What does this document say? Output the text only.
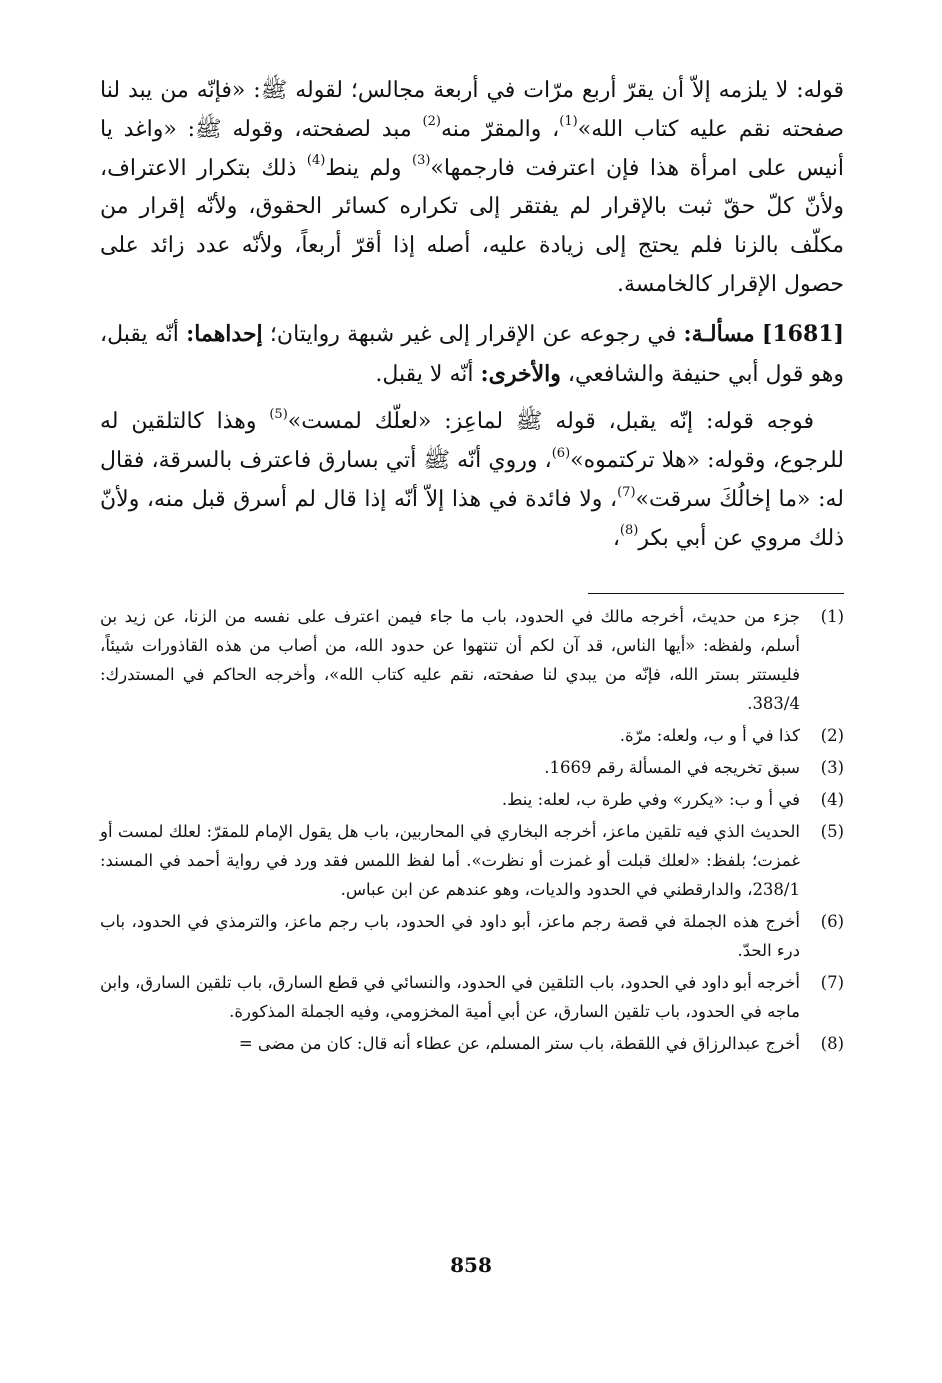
قوله: لا يلزمه إلاّ أن يقرّ أربع مرّات في أربعة مجالس؛ لقوله ﷺ: «فإنّه من يبد لنا صفحته نقم عليه كتاب الله»$^{(1)}$، والمقرّ منه$^{(2)}$ مبد لصفحته، وقوله ﷺ: «واغد يا أنيس على امرأة هذا فإن اعترفت فارجمها»$^{(3)}$ ولم ينط$^{(4)}$ ذلك بتكرار الاعتراف، ولأنّ كلّ حقّ ثبت بالإقرار لم يفتقر إلى تكراره كسائر الحقوق، ولأنّه إقرار من مكلّف بالزنا فلم يحتج إلى زيادة عليه، أصله إذا أقرّ أربعاً، ولأنّه عدد زائد على حصول الإقرار كالخامسة.

[1681] مسألـة: في رجوعه عن الإقرار إلى غير شبهة روايتان؛ إحداهما: أنّه يقبل، وهو قول أبي حنيفة والشافعي، والأخرى: أنّه لا يقبل.

فوجه قوله: إنّه يقبل، قوله ﷺ لماعِز: «لعلّك لمست»$^{(5)}$ وهذا كالتلقين له للرجوع، وقوله: «هلا تركتموه»$^{(6)}$، وروي أنّه ﷺ أتي بسارق فاعترف بالسرقة، فقال له: «ما إخالُكَ سرقت»$^{(7)}$، ولا فائدة في هذا إلاّ أنّه إذا قال لم أسرق قبل منه، ولأنّ ذلك مروي عن أبي بكر$^{(8)}$،

(1)
جزء من حديث، أخرجه مالك في الحدود، باب ما جاء فيمن اعترف على نفسه من الزنا، عن زيد بن أسلم، ولفظه: «أيها الناس، قد آن لكم أن تنتهوا عن حدود الله، من أصاب من هذه القاذورات شيئاً، فليستتر بستر الله، فإنّه من يبدي لنا صفحته، نقم عليه كتاب الله»، وأخرجه الحاكم في المستدرك: 383/4.
(2)
كذا في أ و ب، ولعله: مرّة.
(3)
سبق تخريجه في المسألة رقم 1669.
(4)
في أ و ب: «يكرر» وفي طرة ب، لعله: ينط.
(5)
الحديث الذي فيه تلقين ماعز، أخرجه البخاري في المحاربين، باب هل يقول الإمام للمقرّ: لعلك لمست أو غمزت؛ بلفظ: «لعلك قبلت أو غمزت أو نظرت». أما لفظ اللمس فقد ورد في رواية أحمد في المسند: 238/1، والدارقطني في الحدود والديات، وهو عندهم عن ابن عباس.
(6)
أخرج هذه الجملة في قصة رجم ماعز، أبو داود في الحدود، باب رجم ماعز، والترمذي في الحدود، باب درء الحدّ.
(7)
أخرجه أبو داود في الحدود، باب التلقين في الحدود، والنسائي في قطع السارق، باب تلقين السارق، وابن ماجه في الحدود، باب تلقين السارق، عن أبي أمية المخزومي، وفيه الجملة المذكورة.
(8)
أخرج عبدالرزاق في اللقطة، باب ستر المسلم، عن عطاء أنه قال: كان من مضى =
858
